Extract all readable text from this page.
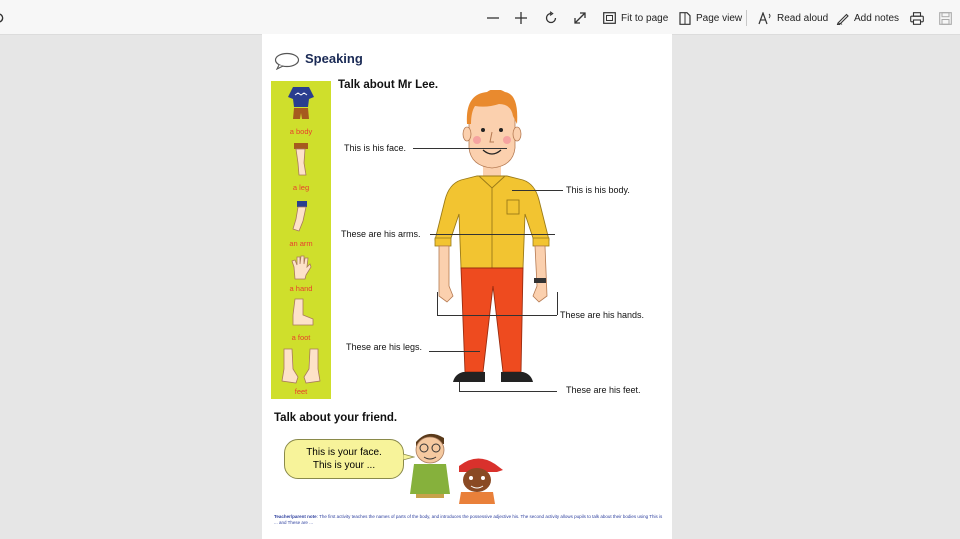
Fit to page	Page view	Read aloud	Add notes
Speaking
a body
a leg
an arm
a hand
a foot
feet
Talk about Mr Lee.
This is his face.
This is his body.
These are his arms.
These are his hands.
These are his legs.
These are his feet.
Talk about your friend.
This is your face.
This is your ...
Teacher/parent note: The first activity teaches the names of parts of the body, and introduces the possessive adjective his. The second activity allows pupils to talk about their bodies using This is ... and These are ...
